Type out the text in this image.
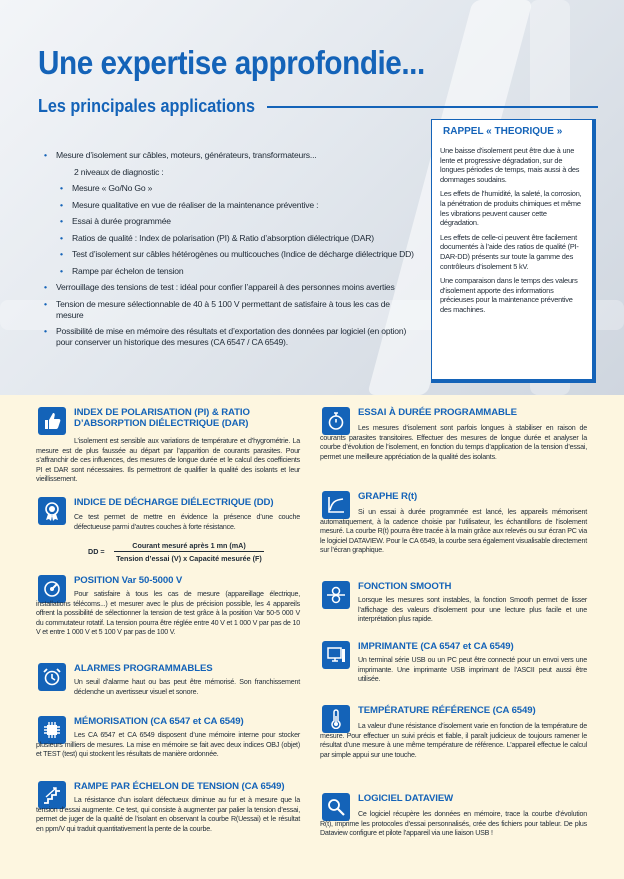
Une expertise approfondie...
Les principales applications
• Mesure d’isolement sur câbles, moteurs, générateurs, transformateurs...
2 niveaux de diagnostic :
• Mesure « Go/No Go »
• Mesure qualitative en vue de réaliser de la maintenance préventive :
• Essai à durée programmée
• Ratios de qualité : Index de polarisation (PI) & Ratio d’absorption diélectrique (DAR)
• Test d’isolement sur câbles hétérogènes ou multicouches (Indice de décharge diélectrique DD)
• Rampe par échelon de tension
• Verrouillage des tensions de test : idéal pour confier l’appareil à des personnes moins averties
• Tension de mesure sélectionnable de 40 à 5 100 V permettant de satisfaire à tous les cas de mesure
• Possibilité de mise en mémoire des résultats et d’exportation des données par logiciel (en option) pour conserver un historique des mesures (CA 6547 / CA 6549).
RAPPEL « THEORIQUE »

Une baisse d’isolement peut être due à une lente et progressive dégradation, sur de longues périodes de temps, mais aussi à des dommages soudains.

Les effets de l’humidité, la saleté, la corrosion, la pénétration de produits chimiques et même les vibrations peuvent causer cette dégradation.

Les effets de celle-ci peuvent être facilement documentés à l’aide des ratios de qualité (PI-DAR-DD) présents sur toute la gamme des contrôleurs d’isolement 5 kV.

Une comparaison dans le temps des valeurs d’isolement apporte des informations précieuses pour la maintenance préventive des machines.

INDEX DE POLARISATION (PI) & RATIO D’ABSORPTION DIÉLECTRIQUE (DAR)
L’isolement est sensible aux variations de température et d’hygrométrie. La mesure est de plus faussée au départ par l’apparition de courants parasites. Pour s’affranchir de ces influences, des mesures de longue durée et le calcul des coefficients PI et DAR sont nécessaires. Ils permettront de qualifier la qualité des isolants et leur vieillissement.
INDICE DE DÉCHARGE DIÉLECTRIQUE (DD)
Ce test permet de mettre en évidence la présence d’une couche défectueuse parmi d’autres couches à forte résistance.
DD =
Courant mesuré après 1 mn (mA)
Tension d’essai (V) x Capacité mesurée (F)
POSITION Var 50-5000 V
Pour satisfaire à tous les cas de mesure (appareillage électrique, installations télécoms...) et mesurer avec le plus de précision possible, les 4 appareils offrent la possibilité de sélectionner la tension de test grâce à la position Var 50-5 000 V du commutateur rotatif. La tension pourra être réglée entre 40 V et 1 000 V par pas de 10 V et entre 1 000 V et 5 100 V par pas de 100 V.
ALARMES PROGRAMMABLES
Un seuil d’alarme haut ou bas peut être mémorisé. Son franchissement déclenche un avertisseur visuel et sonore.
MÉMORISATION (CA 6547 et CA 6549)
Les CA 6547 et CA 6549 disposent d’une mémoire interne pour stocker plusieurs milliers de mesures. La mise en mémoire se fait avec deux indices OBJ (objet) et TEST (test) qui stockent les résultats de manière ordonnée.
RAMPE PAR ÉCHELON DE TENSION (CA 6549)
La résistance d’un isolant défectueux diminue au fur et à mesure que la tension d’essai augmente. Ce test, qui consiste à augmenter par palier la tension d’essai, permet de juger de la qualité de l’isolant en observant la courbe R(Uessai) et le résultat en ppm/V qui traduit quantitativement la pente de la courbe.
ESSAI À DURÉE PROGRAMMABLE
Les mesures d’isolement sont parfois longues à stabiliser en raison de courants parasites transitoires. Effectuer des mesures de longue durée et analyser la courbe d’évolution de l’isolement, en fonction du temps d’application de la tension d’essai, permet une meilleure appréciation de la qualité des isolants.
GRAPHE R(t)
Si un essai à durée programmée est lancé, les appareils mémorisent automatiquement, à la cadence choisie par l’utilisateur, les échantillons de l’isolement mesuré. La courbe R(t) pourra être tracée à la main grâce aux relevés ou sur écran PC via le logiciel DATAVIEW. Pour le CA 6549, la courbe sera également visualisable directement sur l’écran graphique.
FONCTION SMOOTH
Lorsque les mesures sont instables, la fonction Smooth permet de lisser l’affichage des valeurs d’isolement pour une lecture plus facile et une interprétation plus rapide.
IMPRIMANTE (CA 6547 et CA 6549)
Un terminal série USB ou un PC peut être connecté pour un envoi vers une imprimante. Une imprimante USB imprimant de l’ASCII peut aussi être utilisée.
TEMPÉRATURE RÉFÉRENCE (CA 6549)
La valeur d’une résistance d’isolement varie en fonction de la température de mesure. Pour effectuer un suivi précis et fiable, il paraît judicieux de toujours ramener le résultat d’une mesure à une même température de référence. L’appareil effectue le calcul par simple appui sur une touche.
LOGICIEL DATAVIEW
Ce logiciel récupère les données en mémoire, trace la courbe d’évolution R(t), imprime les protocoles d’essai personnalisés, crée des fichiers pour tableur. De plus Dataview configure et pilote l’appareil via une liaison USB !
